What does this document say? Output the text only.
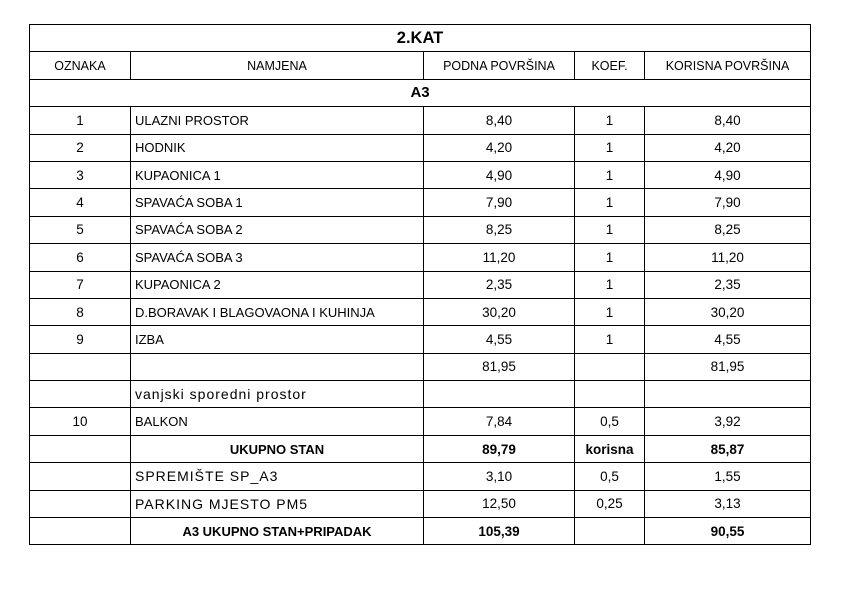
2.KAT				
OZNAKA	NAMJENA	PODNA POVRŠINA	KOEF.	KORISNA POVRŠINA
A3				
1	ULAZNI PROSTOR	8,40	1	8,40
2	HODNIK	4,20	1	4,20
3	KUPAONICA 1	4,90	1	4,90
4	SPAVAĆA SOBA 1	7,90	1	7,90
5	SPAVAĆA SOBA 2	8,25	1	8,25
6	SPAVAĆA SOBA 3	11,20	1	11,20
7	KUPAONICA 2	2,35	1	2,35
8	D.BORAVAK I BLAGOVAONA I KUHINJA	30,20	1	30,20
9	IZBA	4,55	1	4,55
		81,95		81,95
	vanjski sporedni prostor			
10	BALKON	7,84	0,5	3,92
	UKUPNO STAN	89,79	korisna	85,87
	SPREMIŠTE SP_A3	3,10	0,5	1,55
	PARKING MJESTO PM5	12,50	0,25	3,13
	A3 UKUPNO STAN+PRIPADAK	105,39		90,55
